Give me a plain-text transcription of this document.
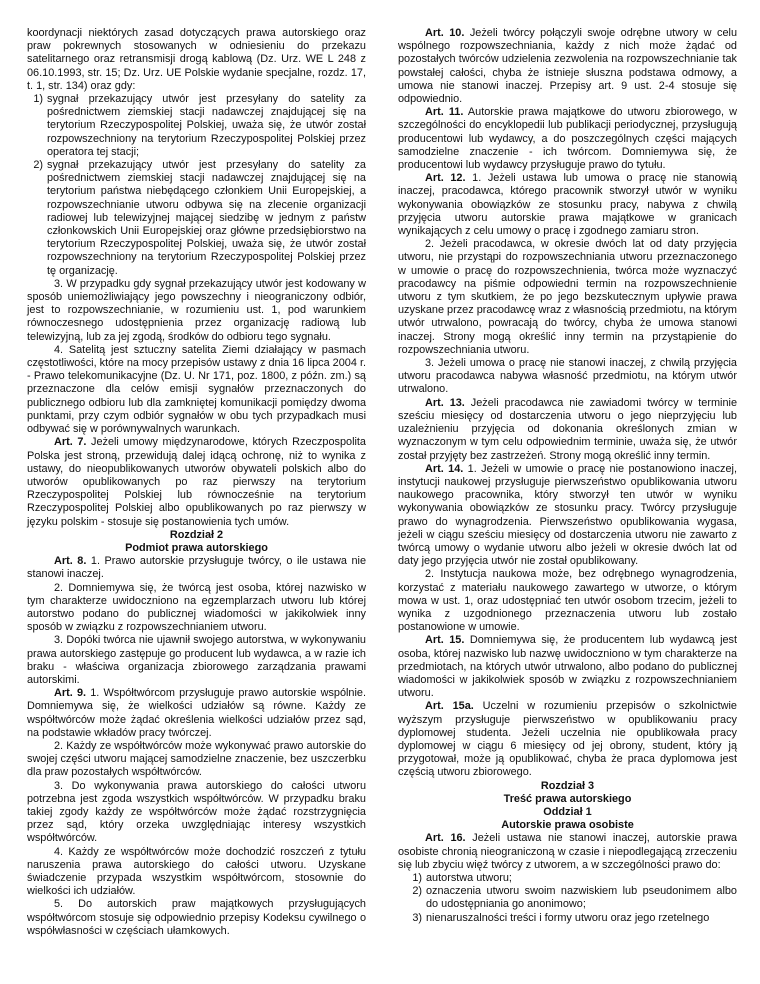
koordynacji niektórych zasad dotyczących prawa autorskiego oraz praw pokrewnych stosowanych w odniesieniu do przekazu satelitarnego oraz retransmisji drogą kablową (Dz. Urz. WE L 248 z 06.10.1993, str. 15; Dz. Urz. UE Polskie wydanie specjalne, rozdz. 17, t. 1, str. 134) oraz gdy:

1) sygnał przekazujący utwór jest przesyłany do satelity za pośrednictwem ziemskiej stacji nadawczej znajdującej się na terytorium Rzeczypospolitej Polskiej, uważa się, że utwór został rozpowszechniony na terytorium Rzeczypospolitej Polskiej przez operatora tej stacji;
2) sygnał przekazujący utwór jest przesyłany do satelity za pośrednictwem ziemskiej stacji nadawczej znajdującej się na terytorium państwa niebędącego członkiem Unii Europejskiej, a rozpowszechnianie utworu odbywa się na zlecenie organizacji radiowej lub telewizyjnej mającej siedzibę w jednym z państw członkowskich Unii Europejskiej oraz główne przedsiębiorstwo na terytorium Rzeczypospolitej Polskiej, uważa się, że utwór został rozpowszechniony na terytorium Rzeczypospolitej Polskiej przez tę organizację.

3. W przypadku gdy sygnał przekazujący utwór jest kodowany w sposób uniemożliwiający jego powszechny i nieograniczony odbiór, jest to rozpowszechnianie, w rozumieniu ust. 1, pod warunkiem równoczesnego udostępnienia przez organizację radiową lub telewizyjną, lub za jej zgodą, środków do odbioru tego sygnału.

4. Satelitą jest sztuczny satelita Ziemi działający w pasmach częstotliwości, które na mocy przepisów ustawy z dnia 16 lipca 2004 r. - Prawo telekomunikacyjne (Dz. U. Nr 171, poz. 1800, z późn. zm.) są przeznaczone dla celów emisji sygnałów przeznaczonych do publicznego odbioru lub dla zamkniętej komunikacji pomiędzy dwoma punktami, przy czym odbiór sygnałów w obu tych przypadkach musi odbywać się w porównywalnych warunkach.

Art. 7. Jeżeli umowy międzynarodowe, których Rzeczpospolita Polska jest stroną, przewidują dalej idącą ochronę, niż to wynika z ustawy, do nieopublikowanych utworów obywateli polskich albo do utworów opublikowanych po raz pierwszy na terytorium Rzeczypospolitej Polskiej lub równocześnie na terytorium Rzeczypospolitej Polskiej albo opublikowanych po raz pierwszy w języku polskim - stosuje się postanowienia tych umów.

Rozdział 2

Podmiot prawa autorskiego

Art. 8. 1. Prawo autorskie przysługuje twórcy, o ile ustawa nie stanowi inaczej.

2. Domniemywa się, że twórcą jest osoba, której nazwisko w tym charakterze uwidoczniono na egzemplarzach utworu lub której autorstwo podano do publicznej wiadomości w jakikolwiek inny sposób w związku z rozpowszechnianiem utworu.

3. Dopóki twórca nie ujawnił swojego autorstwa, w wykonywaniu prawa autorskiego zastępuje go producent lub wydawca, a w razie ich braku - właściwa organizacja zbiorowego zarządzania prawami autorskimi.

Art. 9. 1. Współtwórcom przysługuje prawo autorskie wspólnie. Domniemywa się, że wielkości udziałów są równe. Każdy ze współtwórców może żądać określenia wielkości udziałów przez sąd, na podstawie wkładów pracy twórczej.

2. Każdy ze współtwórców może wykonywać prawo autorskie do swojej części utworu mającej samodzielne znaczenie, bez uszczerbku dla praw pozostałych współtwórców.

3. Do wykonywania prawa autorskiego do całości utworu potrzebna jest zgoda wszystkich współtwórców. W przypadku braku takiej zgody każdy ze współtwórców może żądać rozstrzygnięcia przez sąd, który orzeka uwzględniając interesy wszystkich współtwórców.

4. Każdy ze współtwórców może dochodzić roszczeń z tytułu naruszenia prawa autorskiego do całości utworu. Uzyskane świadczenie przypada wszystkim współtwórcom, stosownie do wielkości ich udziałów.

5. Do autorskich praw majątkowych przysługujących współtwórcom stosuje się odpowiednio przepisy Kodeksu cywilnego o współwłasności w częściach ułamkowych.

Art. 10. Jeżeli twórcy połączyli swoje odrębne utwory w celu wspólnego rozpowszechniania, każdy z nich może żądać od pozostałych twórców udzielenia zezwolenia na rozpowszechnianie tak powstałej całości, chyba że istnieje słuszna podstawa odmowy, a umowa nie stanowi inaczej. Przepisy art. 9 ust. 2-4 stosuje się odpowiednio.

Art. 11. Autorskie prawa majątkowe do utworu zbiorowego, w szczególności do encyklopedii lub publikacji periodycznej, przysługują producentowi lub wydawcy, a do poszczególnych części mających samodzielne znaczenie - ich twórcom. Domniemywa się, że producentowi lub wydawcy przysługuje prawo do tytułu.

Art. 12. 1. Jeżeli ustawa lub umowa o pracę nie stanowią inaczej, pracodawca, którego pracownik stworzył utwór w wyniku wykonywania obowiązków ze stosunku pracy, nabywa z chwilą przyjęcia utworu autorskie prawa majątkowe w granicach wynikających z celu umowy o pracę i zgodnego zamiaru stron.

2. Jeżeli pracodawca, w okresie dwóch lat od daty przyjęcia utworu, nie przystąpi do rozpowszechniania utworu przeznaczonego w umowie o pracę do rozpowszechnienia, twórca może wyznaczyć pracodawcy na piśmie odpowiedni termin na rozpowszechnienie utworu z tym skutkiem, że po jego bezskutecznym upływie prawa uzyskane przez pracodawcę wraz z własnością przedmiotu, na którym utwór utrwalono, powracają do twórcy, chyba że umowa stanowi inaczej. Strony mogą określić inny termin na przystąpienie do rozpowszechniania utworu.

3. Jeżeli umowa o pracę nie stanowi inaczej, z chwilą przyjęcia utworu pracodawca nabywa własność przedmiotu, na którym utwór utrwalono.

Art. 13. Jeżeli pracodawca nie zawiadomi twórcy w terminie sześciu miesięcy od dostarczenia utworu o jego nieprzyjęciu lub uzależnieniu przyjęcia od dokonania określonych zmian w wyznaczonym w tym celu odpowiednim terminie, uważa się, że utwór został przyjęty bez zastrzeżeń. Strony mogą określić inny termin.

Art. 14. 1. Jeżeli w umowie o pracę nie postanowiono inaczej, instytucji naukowej przysługuje pierwszeństwo opublikowania utworu naukowego pracownika, który stworzył ten utwór w wyniku wykonywania obowiązków ze stosunku pracy. Twórcy przysługuje prawo do wynagrodzenia. Pierwszeństwo opublikowania wygasa, jeżeli w ciągu sześciu miesięcy od dostarczenia utworu nie zawarto z twórcą umowy o wydanie utworu albo jeżeli w okresie dwóch lat od daty jego przyjęcia utwór nie został opublikowany.

2. Instytucja naukowa może, bez odrębnego wynagrodzenia, korzystać z materiału naukowego zawartego w utworze, o którym mowa w ust. 1, oraz udostępniać ten utwór osobom trzecim, jeżeli to wynika z uzgodnionego przeznaczenia utworu lub zostało postanowione w umowie.

Art. 15. Domniemywa się, że producentem lub wydawcą jest osoba, której nazwisko lub nazwę uwidoczniono w tym charakterze na przedmiotach, na których utwór utrwalono, albo podano do publicznej wiadomości w jakikolwiek sposób w związku z rozpowszechnianiem utworu.

Art. 15a. Uczelni w rozumieniu przepisów o szkolnictwie wyższym przysługuje pierwszeństwo w opublikowaniu pracy dyplomowej studenta. Jeżeli uczelnia nie opublikowała pracy dyplomowej w ciągu 6 miesięcy od jej obrony, student, który ją przygotował, może ją opublikować, chyba że praca dyplomowa jest częścią utworu zbiorowego.

Rozdział 3

Treść prawa autorskiego

Oddział 1

Autorskie prawa osobiste

Art. 16. Jeżeli ustawa nie stanowi inaczej, autorskie prawa osobiste chronią nieograniczoną w czasie i niepodlegającą zrzeczeniu się lub zbyciu więź twórcy z utworem, a w szczególności prawo do:

1) autorstwa utworu;
2) oznaczenia utworu swoim nazwiskiem lub pseudonimem albo do udostępniania go anonimowo;
3) nienaruszalności treści i formy utworu oraz jego rzetelnego
